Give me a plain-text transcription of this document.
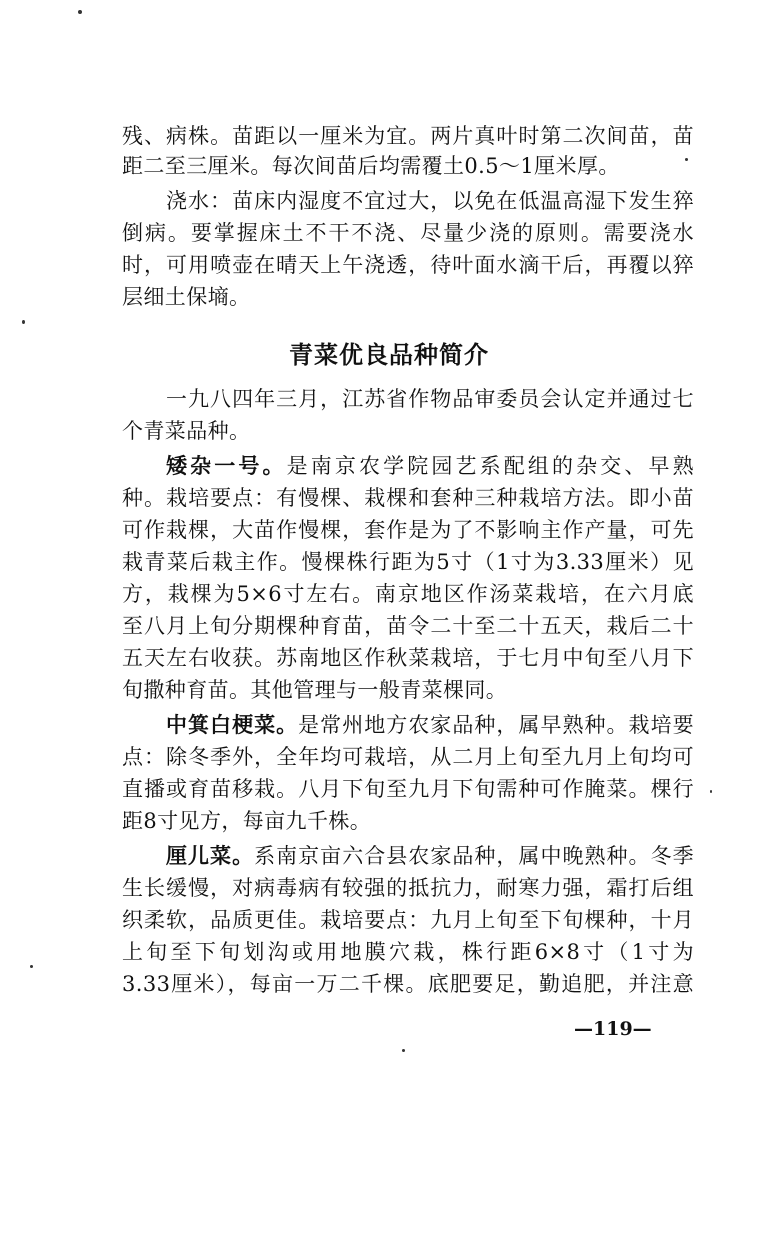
残、病株。苗距以一厘米为宜。两片真叶时第二次间苗，苗
距二至三厘米。每次间苗后均需覆土0.5～1厘米厚。
浇水：苗床内湿度不宜过大，以免在低温高湿下发生猝
倒病。要掌握床土不干不浇、尽量少浇的原则。需要浇水
时，可用喷壶在晴天上午浇透，待叶面水滴干后，再覆以猝
层细土保墒。
青菜优良品种简介
一九八四年三月，江苏省作物品审委员会认定并通过七
个青菜品种。
矮杂一号。是南京农学院园艺系配组的杂交、早熟
种。栽培要点：有慢棵、栽棵和套种三种栽培方法。即小苗
可作栽棵，大苗作慢棵，套作是为了不影响主作产量，可先
栽青菜后栽主作。慢棵株行距为5寸（1寸为3.33厘米）见
方，栽棵为5×6寸左右。南京地区作汤菜栽培，在六月底
至八月上旬分期棵种育苗，苗令二十至二十五天，栽后二十
五天左右收获。苏南地区作秋菜栽培，于七月中旬至八月下
旬撒种育苗。其他管理与一般青菜棵同。
中箕白梗菜。是常州地方农家品种，属早熟种。栽培要
点：除冬季外，全年均可栽培，从二月上旬至九月上旬均可
直播或育苗移栽。八月下旬至九月下旬需种可作腌菜。棵行
距8寸见方，每亩九千株。
厘儿菜。系南京亩六合县农家品种，属中晚熟种。冬季
生长缓慢，对病毒病有较强的抵抗力，耐寒力强，霜打后组
织柔软，品质更佳。栽培要点：九月上旬至下旬棵种，十月
上旬至下旬划沟或用地膜穴栽，株行距6×8寸（1寸为
3.33厘米），每亩一万二千棵。底肥要足，勤追肥，并注意
—119—
